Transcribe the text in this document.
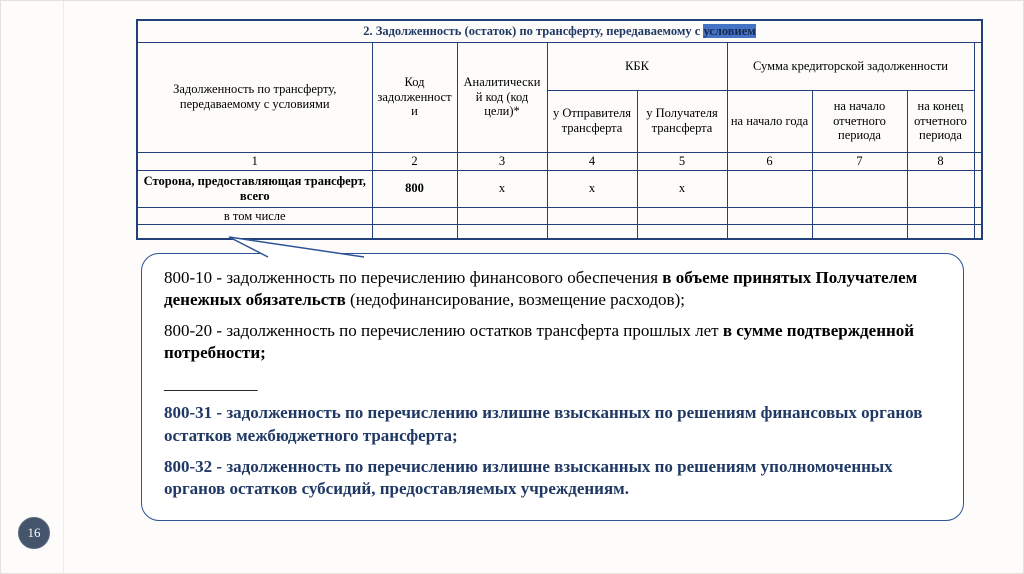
2. Задолженность (остаток) по трансферту, передаваемому с условием								
Задолженность по трансферту, передаваемому с условиями	Код задолженности	Аналитический код (код цели)*	КБК		Сумма кредиторской задолженности			
			у Отправителя трансферта	у Получателя трансферта	на начало года	на начало отчетного периода	на конец отчетного периода	
1	2	3	4	5	6	7	8	
Сторона, предоставляющая трансферт, всего	800	х	х	х				
в том числе								

800-10 - задолженность по перечислению финансового обеспечения в объеме принятых Получателем денежных обязательств (недофинансирование, возмещение расходов);

800-20 - задолженность по перечислению остатков трансферта прошлых лет в сумме подтвержденной потребности;

___________

800-31 - задолженность по перечислению излишне взысканных по решениям финансовых органов остатков межбюджетного трансферта;

800-32 - задолженность по перечислению излишне взысканных по решениям уполномоченных органов остатков субсидий, предоставляемых учреждениям.

16
